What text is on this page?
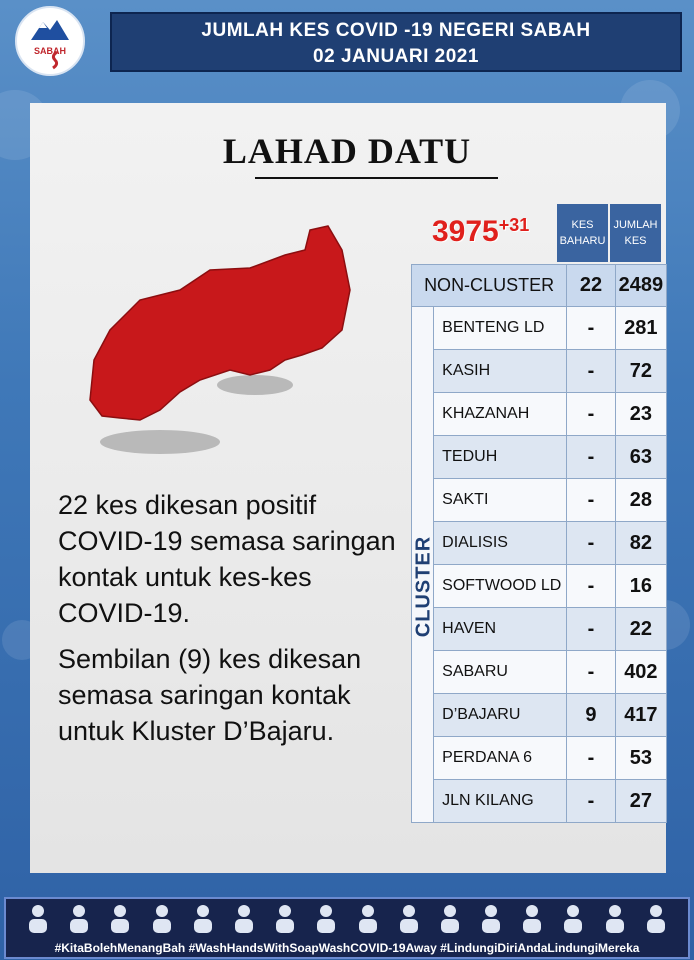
SABAH
JUMLAH KES COVID -19 NEGERI SABAH
02 JANUARI 2021
LAHAD DATU
$3975^{+31}$	KES BAHARU
JUMLAH KES
NON-CLUSTER		22	2489
	BENTENG LD	-	281
	KASIH	-	72
	KHAZANAH	-	23
	TEDUH	-	63
	SAKTI	-	28
	DIALISIS	-	82
	SOFTWOOD LD	-	16
	HAVEN	-	22
	SABARU	-	402
	D’BAJARU	9	417
	PERDANA 6	-	53
	JLN KILANG	-	27
CLUSTER

22 kes dikesan positif COVID-19 semasa saringan kontak untuk kes-kes COVID-19.

Sembilan (9) kes dikesan semasa saringan kontak untuk Kluster D’Bajaru.

#KitaBolehMenangBah #WashHandsWithSoapWashCOVID-19Away #LindungiDiriAndaLindungiMereka
